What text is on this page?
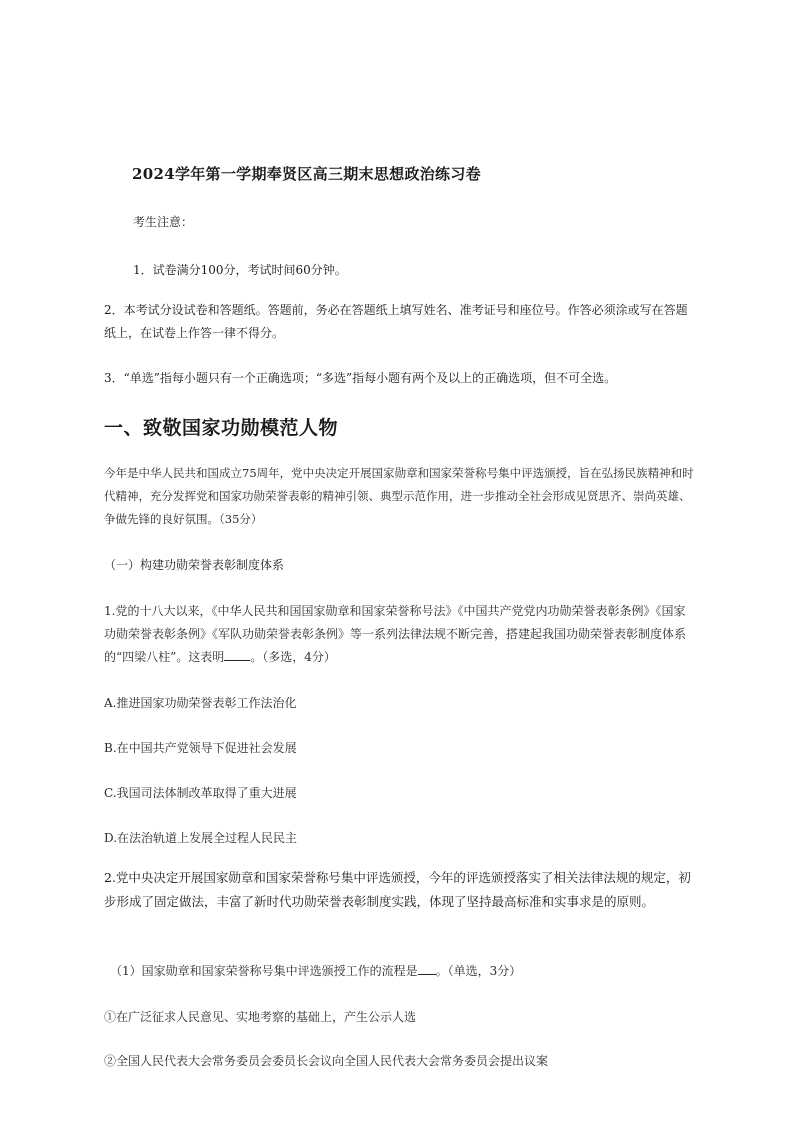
2024学年第一学期奉贤区高三期末思想政治练习卷
考生注意：
1．试卷满分100分，考试时间60分钟。
2．本考试分设试卷和答题纸。答题前，务必在答题纸上填写姓名、准考证号和座位号。作答必须涂或写在答题纸上，在试卷上作答一律不得分。
3．“单选”指每小题只有一个正确选项；“多选”指每小题有两个及以上的正确选项，但不可全选。
一、致敬国家功勋模范人物
今年是中华人民共和国成立75周年，党中央决定开展国家勋章和国家荣誉称号集中评选颁授，旨在弘扬民族精神和时代精神，充分发挥党和国家功勋荣誉表彰的精神引领、典型示范作用，进一步推动全社会形成见贤思齐、崇尚英雄、争做先锋的良好氛围。（35分）
（一）构建功勋荣誉表彰制度体系
1.党的十八大以来，《中华人民共和国国家勋章和国家荣誉称号法》《中国共产党党内功勋荣誉表彰条例》《国家功勋荣誉表彰条例》《军队功勋荣誉表彰条例》等一系列法律法规不断完善，搭建起我国功勋荣誉表彰制度体系的“四梁八柱”。这表明 。（多选，4分）
A.推进国家功勋荣誉表彰工作法治化
B.在中国共产党领导下促进社会发展
C.我国司法体制改革取得了重大进展
D.在法治轨道上发展全过程人民民主
2.党中央决定开展国家勋章和国家荣誉称号集中评选颁授，今年的评选颁授落实了相关法律法规的规定，初步形成了固定做法，丰富了新时代功勋荣誉表彰制度实践，体现了坚持最高标准和实事求是的原则。
（1）国家勋章和国家荣誉称号集中评选颁授工作的流程是 。（单选，3分）
①在广泛征求人民意见、实地考察的基础上，产生公示人选
②全国人民代表大会常务委员会委员长会议向全国人民代表大会常务委员会提出议案
